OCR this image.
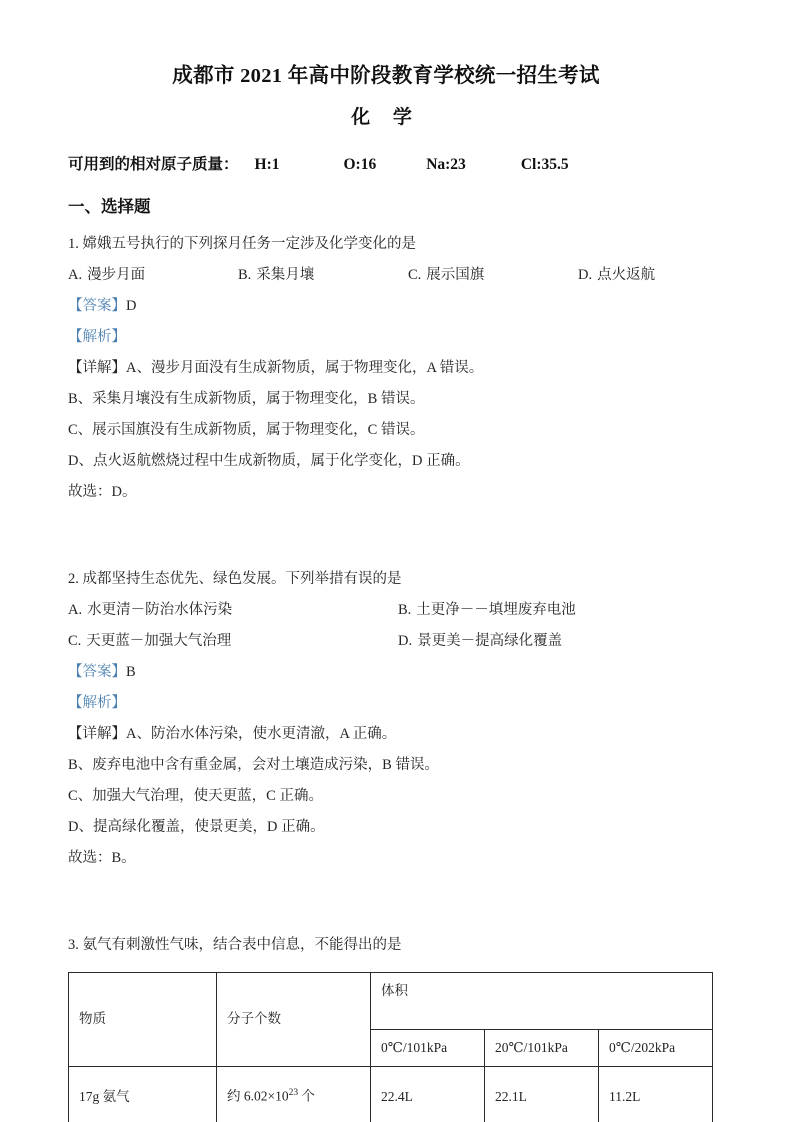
成都市 2021 年高中阶段教育学校统一招生考试
化 学

可用到的相对原子质量： H:1	O:16	Na:23	Cl:35.5

一、选择题

1. 嫦娥五号执行的下列探月任务一定涉及化学变化的是

A. 漫步月面	B. 采集月壤	C. 展示国旗	D. 点火返航

【答案】D

【解析】

【详解】A、漫步月面没有生成新物质，属于物理变化，A 错误。

B、采集月壤没有生成新物质，属于物理变化，B 错误。

C、展示国旗没有生成新物质，属于物理变化，C 错误。

D、点火返航燃烧过程中生成新物质，属于化学变化，D 正确。

故选：D。

2. 成都坚持生态优先、绿色发展。下列举措有误的是

A. 水更清－防治水体污染	B. 土更净－－填埋废弃电池
C. 天更蓝－加强大气治理	D. 景更美－提高绿化覆盖

【答案】B

【解析】

【详解】A、防治水体污染，使水更清澈，A 正确。

B、废弃电池中含有重金属，会对土壤造成污染，B 错误。

C、加强大气治理，使天更蓝，C 正确。

D、提高绿化覆盖，使景更美，D 正确。

故选：B。

3. 氨气有刺激性气味，结合表中信息，不能得出的是

物质	分子个数	体积		
		0℃/101kPa	20℃/101kPa	0℃/202kPa
17g 氨气	约 $6.02\times 10^{23}$ 个	22.4L	22.1L	11.2L
